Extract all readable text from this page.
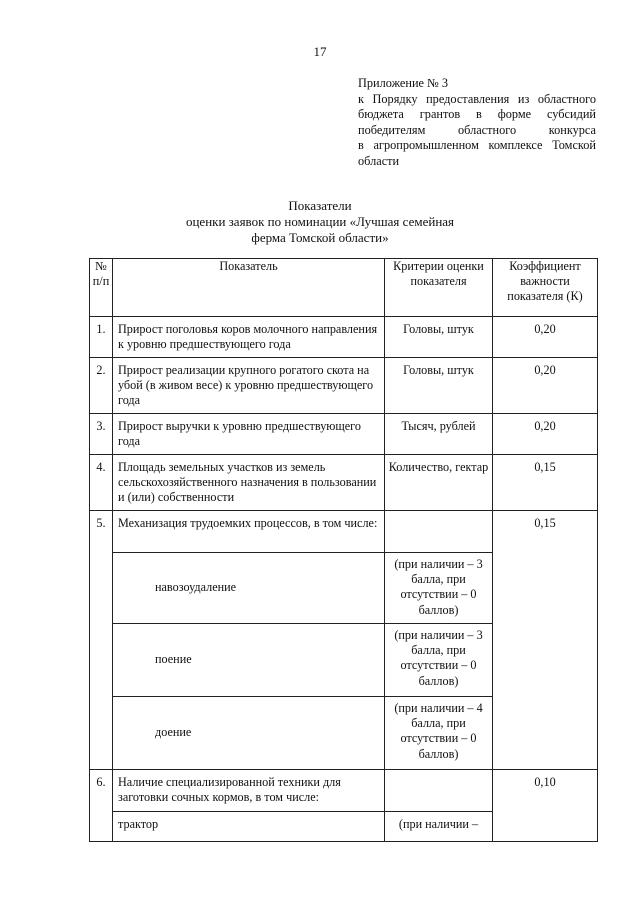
17
Приложение № 3
к Порядку предоставления из областного
бюджета грантов в форме субсидий
победителям областного конкурса
в агропромышленном комплексе Томской
области
Показатели
оценки заявок по номинации «Лучшая семейная
ферма Томской области»
№ п/п	Показатель	Критерии оценки показателя	Коэффициент важности показателя (К)
1.	Прирост поголовья коров молочного направления к уровню предшествующего года	Головы, штук	0,20
2.	Прирост реализации крупного рогатого скота на убой (в живом весе) к уровню предшествующего года	Головы, штук	0,20
3.	Прирост выручки к уровню предшествующего года	Тысяч, рублей	0,20
4.	Площадь земельных участков из земель сельскохозяйственного назначения в пользовании и (или) собственности	Количество, гектар	0,15
5.	Механизация трудоемких процессов, в том числе:		0,15
	навозоудаление	(при наличии – 3 балла, при отсутствии – 0 баллов)	
	поение	(при наличии – 3 балла, при отсутствии – 0 баллов)	
	доение	(при наличии – 4 балла, при отсутствии – 0 баллов)	
6.	Наличие специализированной техники для заготовки сочных кормов, в том числе:		0,10
	трактор	(при наличии –	
